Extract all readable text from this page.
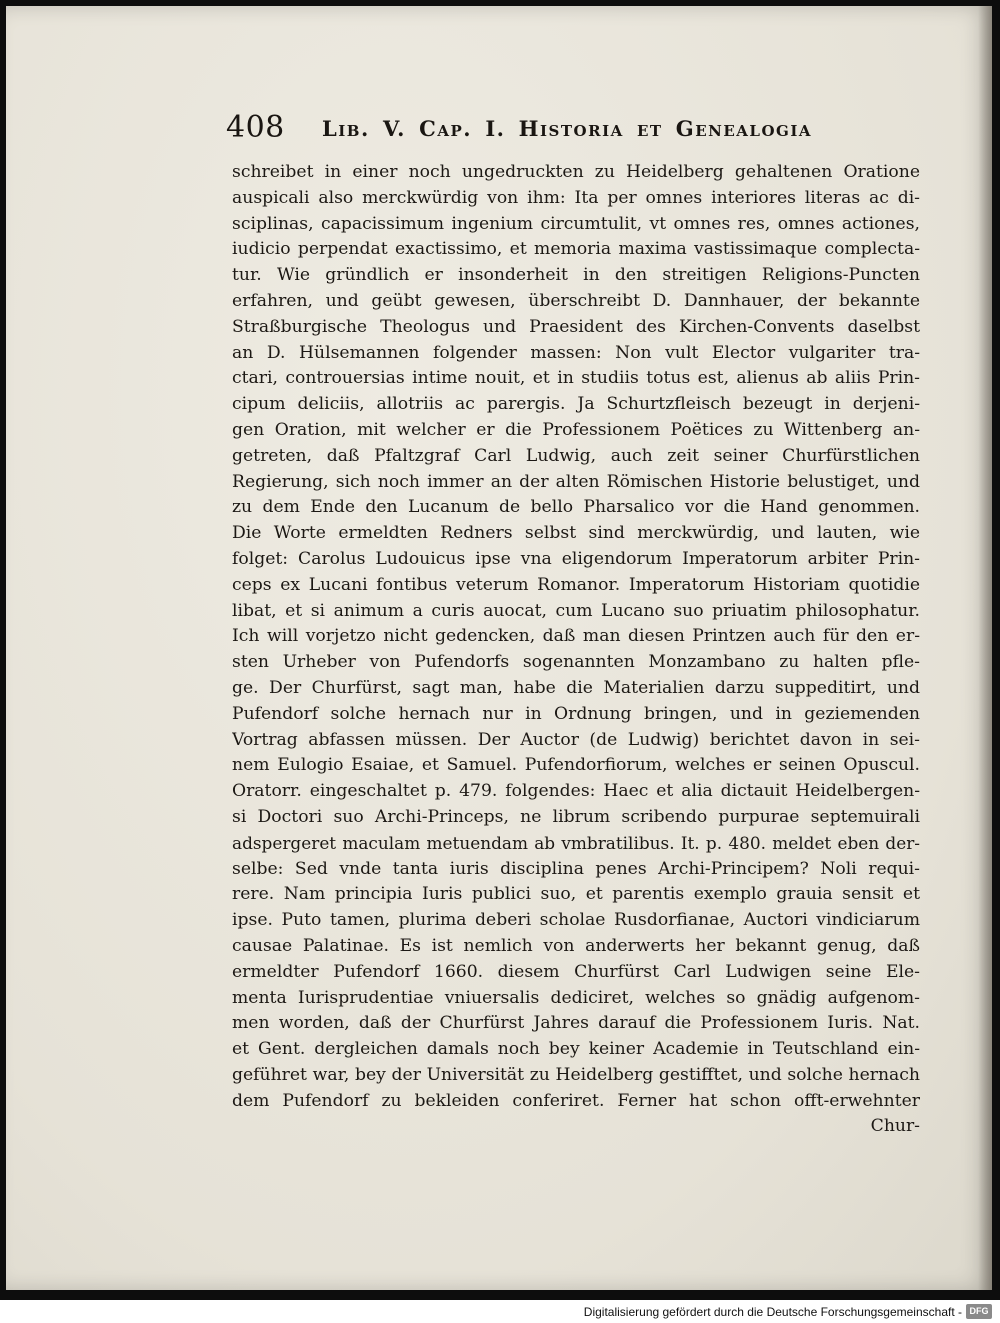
408 Lib. V. Cap. I. Historia et Genealogia
schreibet in einer noch ungedruckten zu Heidelberg gehaltenen Oratione
auspicali also merckwürdig von ihm: Ita per omnes interiores literas ac di-
sciplinas, capacissimum ingenium circumtulit, vt omnes res, omnes actiones,
iudicio perpendat exactissimo, et memoria maxima vastissimaque complecta-
tur. Wie gründlich er insonderheit in den streitigen Religions-Puncten
erfahren, und geübt gewesen, überschreibt D. Dannhauer, der bekannte
Straßburgische Theologus und Praesident des Kirchen-Convents daselbst
an D. Hülsemannen folgender massen: Non vult Elector vulgariter tra-
ctari, controuersias intime nouit, et in studiis totus est, alienus ab aliis Prin-
cipum deliciis, allotriis ac parergis. Ja Schurtzfleisch bezeugt in derjeni-
gen Oration, mit welcher er die Professionem Poëtices zu Wittenberg an-
getreten, daß Pfaltzgraf Carl Ludwig, auch zeit seiner Churfürstlichen
Regierung, sich noch immer an der alten Römischen Historie belustiget, und
zu dem Ende den Lucanum de bello Pharsalico vor die Hand genommen.
Die Worte ermeldten Redners selbst sind merckwürdig, und lauten, wie
folget: Carolus Ludouicus ipse vna eligendorum Imperatorum arbiter Prin-
ceps ex Lucani fontibus veterum Romanor. Imperatorum Historiam quotidie
libat, et si animum a curis auocat, cum Lucano suo priuatim philosophatur.
Ich will vorjetzo nicht gedencken, daß man diesen Printzen auch für den er-
sten Urheber von Pufendorfs sogenannten Monzambano zu halten pfle-
ge. Der Churfürst, sagt man, habe die Materialien darzu suppeditirt, und
Pufendorf solche hernach nur in Ordnung bringen, und in geziemenden
Vortrag abfassen müssen. Der Auctor (de Ludwig) berichtet davon in sei-
nem Eulogio Esaiae, et Samuel. Pufendorfiorum, welches er seinen Opuscul.
Oratorr. eingeschaltet p. 479. folgendes: Haec et alia dictauit Heidelbergen-
si Doctori suo Archi-Princeps, ne librum scribendo purpurae septemuirali
adspergeret maculam metuendam ab vmbratilibus. It. p. 480. meldet eben der-
selbe: Sed vnde tanta iuris disciplina penes Archi-Principem? Noli requi-
rere. Nam principia Iuris publici suo, et parentis exemplo grauia sensit et
ipse. Puto tamen, plurima deberi scholae Rusdorfianae, Auctori vindiciarum
causae Palatinae. Es ist nemlich von anderwerts her bekannt genug, daß
ermeldter Pufendorf 1660. diesem Churfürst Carl Ludwigen seine Ele-
menta Iurisprudentiae vniuersalis dediciret, welches so gnädig aufgenom-
men worden, daß der Churfürst Jahres darauf die Professionem Iuris. Nat.
et Gent. dergleichen damals noch bey keiner Academie in Teutschland ein-
geführet war, bey der Universität zu Heidelberg gestifftet, und solche hernach
dem Pufendorf zu bekleiden conferiret. Ferner hat schon offt-erwehnter
Chur-
Digitalisierung gefördert durch die Deutsche Forschungsgemeinschaft - DFG
